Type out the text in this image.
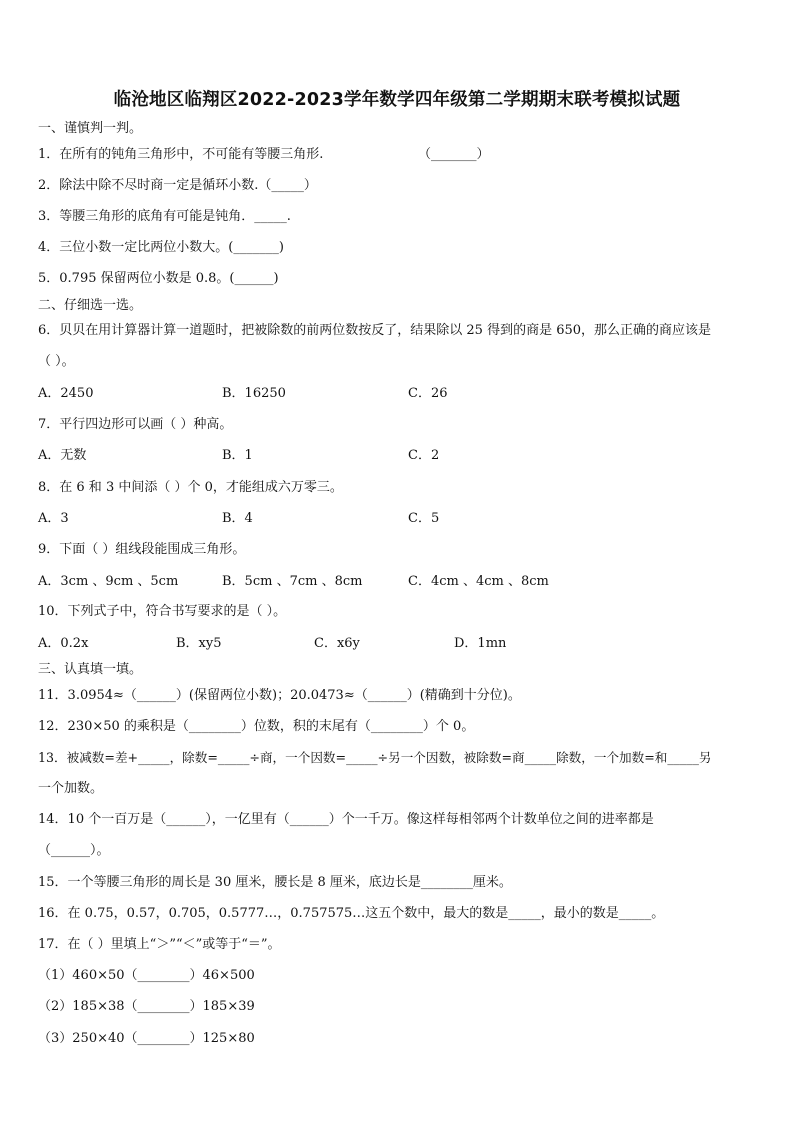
临沧地区临翔区2022-2023学年数学四年级第二学期期末联考模拟试题
一、谨慎判一判。
1．在所有的钝角三角形中，不可能有等腰三角形.	（_______）
2．除法中除不尽时商一定是循环小数.（_____）
3．等腰三角形的底角有可能是钝角．_____.
4．三位小数一定比两位小数大。(_______)
5．0.795 保留两位小数是 0.8。(______)
二、仔细选一选。
6．贝贝在用计算器计算一道题时，把被除数的前两位数按反了，结果除以 25 得到的商是 650，那么正确的商应该是
（ ）。
A．2450	B．16250	C．26
7．平行四边形可以画（ ）种高。
A．无数	B．1	C．2
8．在 6 和 3 中间添（ ）个 0，才能组成六万零三。
A．3	B．4	C．5
9．下面（ ）组线段能围成三角形。
A．3cm 、9cm 、5cm	B．5cm 、7cm 、8cm	C．4cm 、4cm 、8cm
10．下列式子中，符合书写要求的是（ ）。
A．0.2x	B．xy5	C．x6y	D．1mn
三、认真填一填。
11．3.0954≈（______）(保留两位小数)；20.0473≈（______）(精确到十分位)。
12．230×50 的乘积是（________）位数，积的末尾有（________）个 0。
13．被减数=差+_____，除数=_____÷商，一个因数=_____÷另一个因数，被除数=商_____除数，一个加数=和_____另
一个加数。
14．10 个一百万是（______），一亿里有（______）个一千万。像这样每相邻两个计数单位之间的进率都是
（______）。
15．一个等腰三角形的周长是 30 厘米，腰长是 8 厘米，底边长是________厘米。
16．在 0.75，0.57，0.705，0.5777…，0.757575…这五个数中，最大的数是_____，最小的数是_____。
17．在（ ）里填上“＞”“＜”或等于“＝”。
（1）460×50（________）46×500
（2）185×38（________）185×39
（3）250×40（________）125×80
